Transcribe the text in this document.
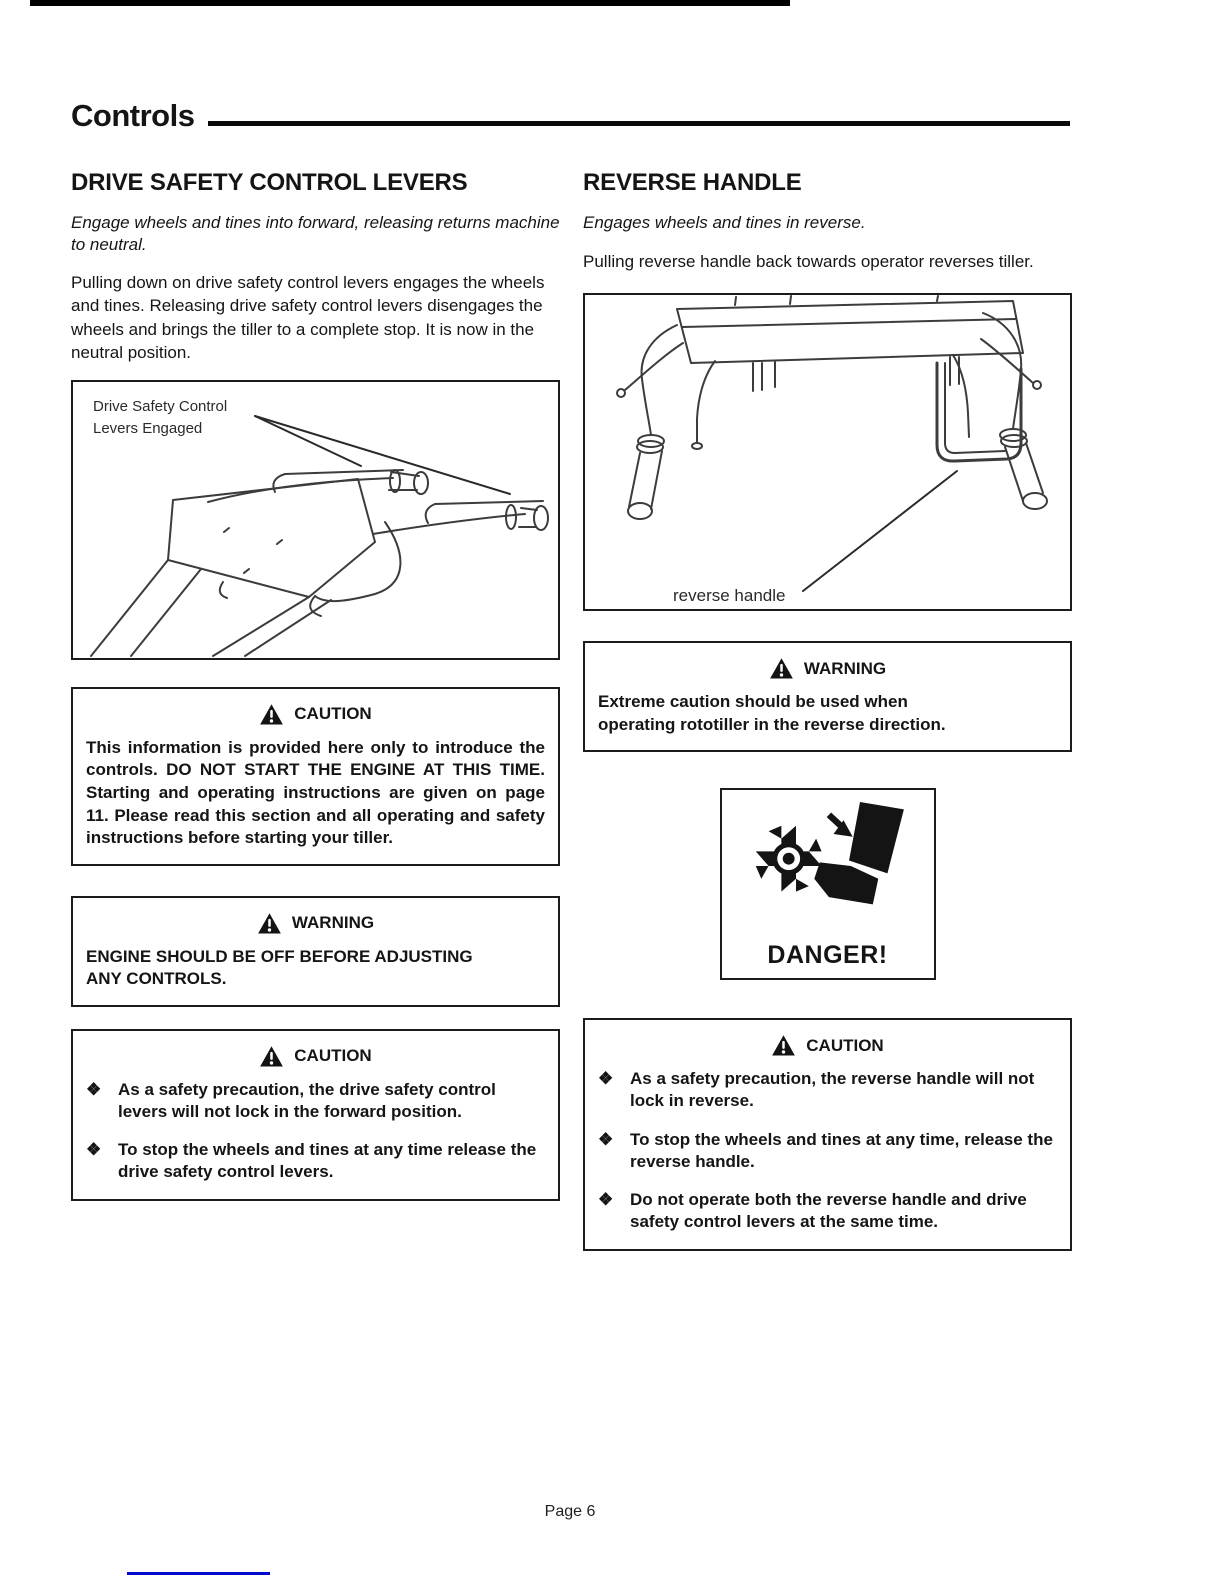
Controls
DRIVE SAFETY CONTROL LEVERS

Engage wheels and tines into forward, releasing returns machine to neutral.

Pulling down on drive safety control levers engages the wheels and tines. Releasing drive safety control levers disengages the wheels and brings the tiller to a complete stop. It is now in the neutral position.

Drive Safety Control
Levers Engaged
CAUTION

This information is provided here only to introduce the controls. DO NOT START THE ENGINE AT THIS TIME. Starting and operating instructions are given on page 11. Please read this section and all operating and safety instructions before starting your tiller.

WARNING

ENGINE SHOULD BE OFF BEFORE ADJUSTING
ANY CONTROLS.

CAUTION
❖ As a safety precaution, the drive safety control levers will not lock in the forward position.
❖ To stop the wheels and tines at any time release the drive safety control levers.
REVERSE HANDLE

Engages wheels and tines in reverse.

Pulling reverse handle back towards operator reverses tiller.

reverse handle
WARNING

Extreme caution should be used when
operating rototiller in the reverse direction.

DANGER!
CAUTION
❖ As a safety precaution, the reverse handle will not lock in reverse.
❖ To stop the wheels and tines at any time, release the reverse handle.
❖ Do not operate both the reverse handle and drive safety control levers at the same time.
Page 6
